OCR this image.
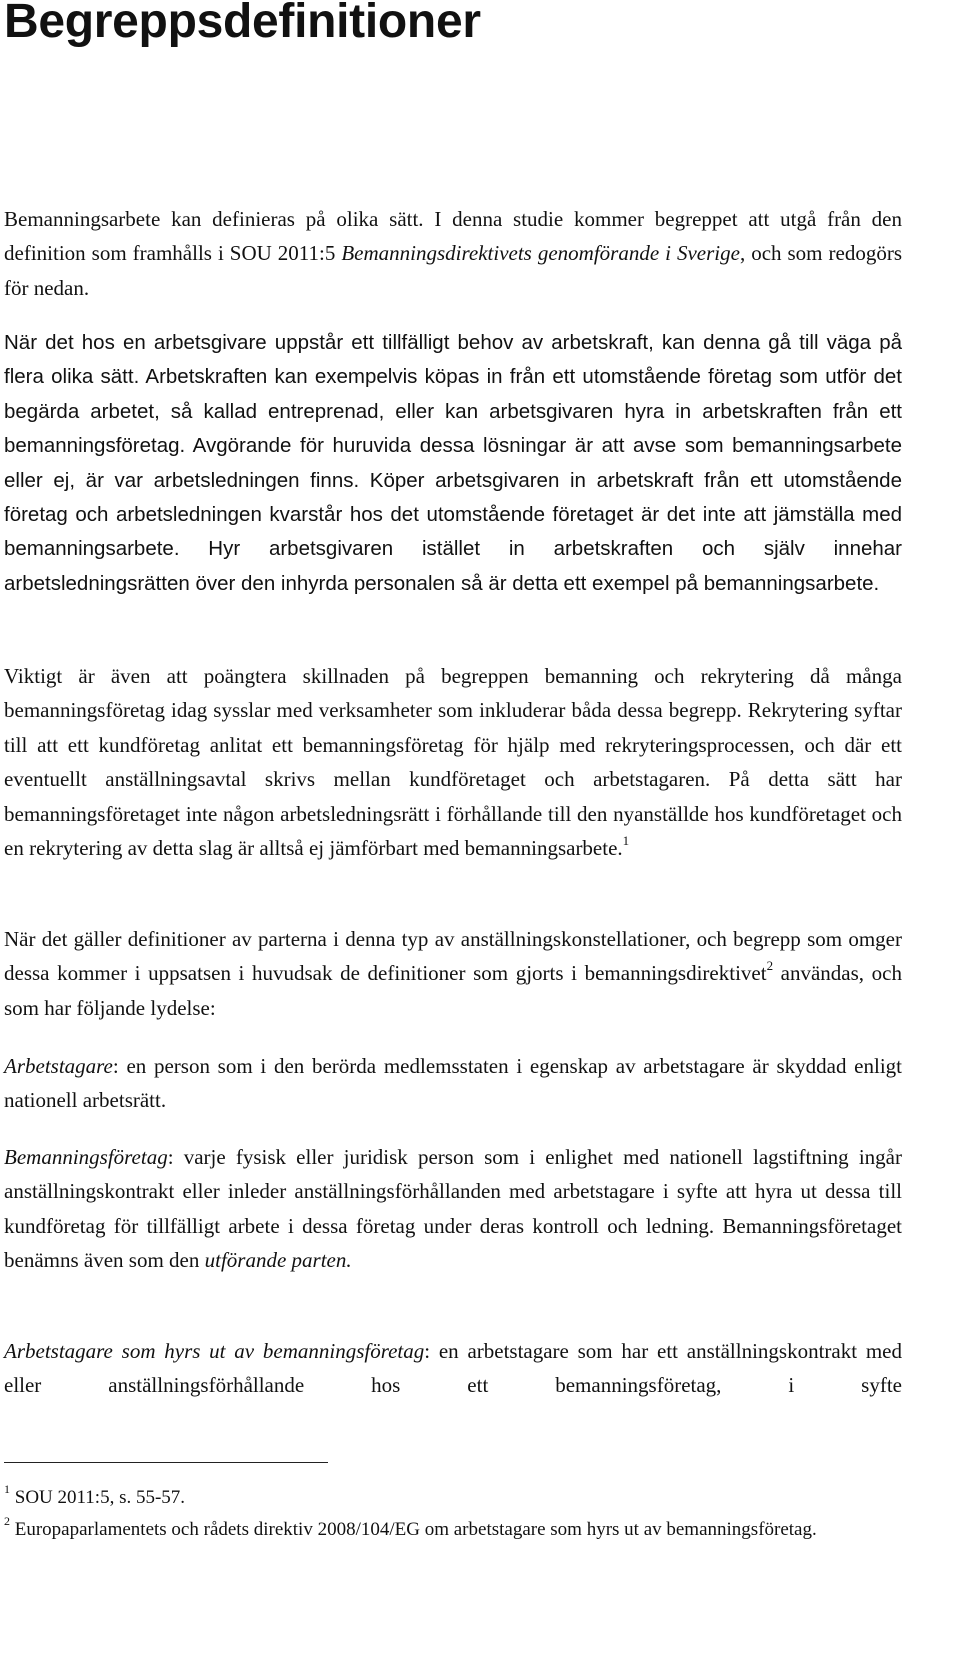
Begreppsdefinitioner

Bemanningsarbete kan definieras på olika sätt. I denna studie kommer begreppet att utgå från den definition som framhålls i SOU 2011:5 Bemanningsdirektivets genomförande i Sverige, och som redogörs för nedan.

När det hos en arbetsgivare uppstår ett tillfälligt behov av arbetskraft, kan denna gå till väga på flera olika sätt. Arbetskraften kan exempelvis köpas in från ett utomstående företag som utför det begärda arbetet, så kallad entreprenad, eller kan arbetsgivaren hyra in arbetskraften från ett bemanningsföretag. Avgörande för huruvida dessa lösningar är att avse som bemanningsarbete eller ej, är var arbetsledningen finns. Köper arbetsgivaren in arbetskraft från ett utomstående företag och arbetsledningen kvarstår hos det utomstående företaget är det inte att jämställa med bemanningsarbete. Hyr arbetsgivaren istället in arbetskraften och själv innehar arbetsledningsrätten över den inhyrda personalen så är detta ett exempel på bemanningsarbete.

Viktigt är även att poängtera skillnaden på begreppen bemanning och rekrytering då många bemanningsföretag idag sysslar med verksamheter som inkluderar båda dessa begrepp. Rekrytering syftar till att ett kundföretag anlitat ett bemanningsföretag för hjälp med rekryteringsprocessen, och där ett eventuellt anställningsavtal skrivs mellan kundföretaget och arbetstagaren. På detta sätt har bemanningsföretaget inte någon arbetsledningsrätt i förhållande till den nyanställde hos kundföretaget och en rekrytering av detta slag är alltså ej jämförbart med bemanningsarbete.$^1$

När det gäller definitioner av parterna i denna typ av anställningskonstellationer, och begrepp som omger dessa kommer i uppsatsen i huvudsak de definitioner som gjorts i bemanningsdirektivet$^2$ användas, och som har följande lydelse:

Arbetstagare: en person som i den berörda medlemsstaten i egenskap av arbetstagare är skyddad enligt nationell arbetsrätt.

Bemanningsföretag: varje fysisk eller juridisk person som i enlighet med nationell lagstiftning ingår anställningskontrakt eller inleder anställningsförhållanden med arbetstagare i syfte att hyra ut dessa till kundföretag för tillfälligt arbete i dessa företag under deras kontroll och ledning. Bemanningsföretaget benämns även som den utförande parten.

Arbetstagare som hyrs ut av bemanningsföretag: en arbetstagare som har ett anställningskontrakt med eller anställningsförhållande hos ett bemanningsföretag, i syfte

$^1$ SOU 2011:5, s. 55-57.

$^2$ Europaparlamentets och rådets direktiv 2008/104/EG om arbetstagare som hyrs ut av bemanningsföretag.
